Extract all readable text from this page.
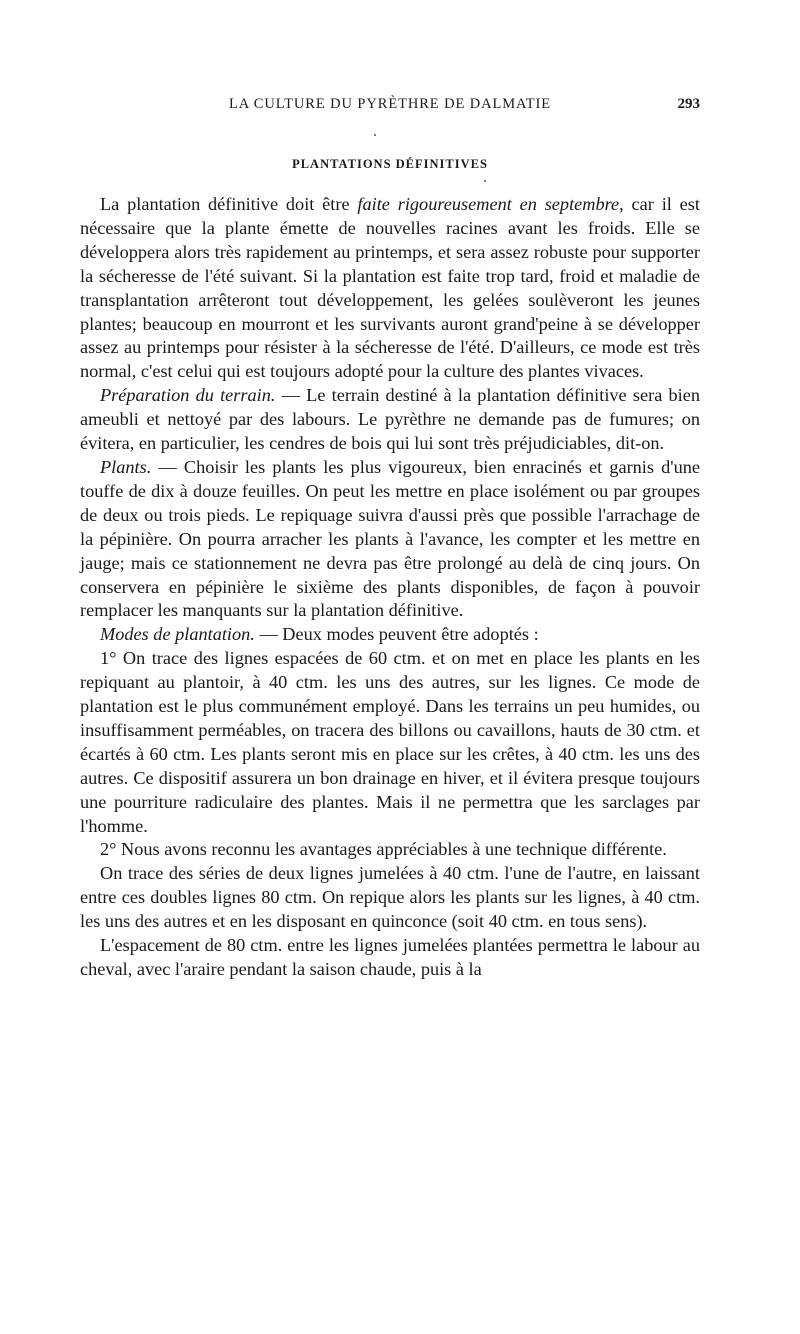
LA CULTURE DU PYRÈTHRE DE DALMATIE	293
PLANTATIONS DÉFINITIVES

La plantation définitive doit être faite rigoureusement en septembre, car il est nécessaire que la plante émette de nouvelles racines avant les froids. Elle se développera alors très rapidement au printemps, et sera assez robuste pour supporter la sécheresse de l'été suivant. Si la plantation est faite trop tard, froid et maladie de transplantation arrêteront tout développement, les gelées soulèveront les jeunes plantes; beaucoup en mourront et les survivants auront grand'peine à se développer assez au printemps pour résister à la sécheresse de l'été. D'ailleurs, ce mode est très normal, c'est celui qui est toujours adopté pour la culture des plantes vivaces.

Préparation du terrain. — Le terrain destiné à la plantation définitive sera bien ameubli et nettoyé par des labours. Le pyrèthre ne demande pas de fumures; on évitera, en particulier, les cendres de bois qui lui sont très préjudiciables, dit-on.

Plants. — Choisir les plants les plus vigoureux, bien enracinés et garnis d'une touffe de dix à douze feuilles. On peut les mettre en place isolément ou par groupes de deux ou trois pieds. Le repiquage suivra d'aussi près que possible l'arrachage de la pépinière. On pourra arracher les plants à l'avance, les compter et les mettre en jauge; mais ce stationnement ne devra pas être prolongé au delà de cinq jours. On conservera en pépinière le sixième des plants disponibles, de façon à pouvoir remplacer les manquants sur la plantation définitive.

Modes de plantation. — Deux modes peuvent être adoptés :

1° On trace des lignes espacées de 60 ctm. et on met en place les plants en les repiquant au plantoir, à 40 ctm. les uns des autres, sur les lignes. Ce mode de plantation est le plus communément employé. Dans les terrains un peu humides, ou insuffisamment perméables, on tracera des billons ou cavaillons, hauts de 30 ctm. et écartés à 60 ctm. Les plants seront mis en place sur les crêtes, à 40 ctm. les uns des autres. Ce dispositif assurera un bon drainage en hiver, et il évitera presque toujours une pourriture radiculaire des plantes. Mais il ne permettra que les sarclages par l'homme.

2° Nous avons reconnu les avantages appréciables à une technique différente.

On trace des séries de deux lignes jumelées à 40 ctm. l'une de l'autre, en laissant entre ces doubles lignes 80 ctm. On repique alors les plants sur les lignes, à 40 ctm. les uns des autres et en les disposant en quinconce (soit 40 ctm. en tous sens).

L'espacement de 80 ctm. entre les lignes jumelées plantées permettra le labour au cheval, avec l'araire pendant la saison chaude, puis à la
